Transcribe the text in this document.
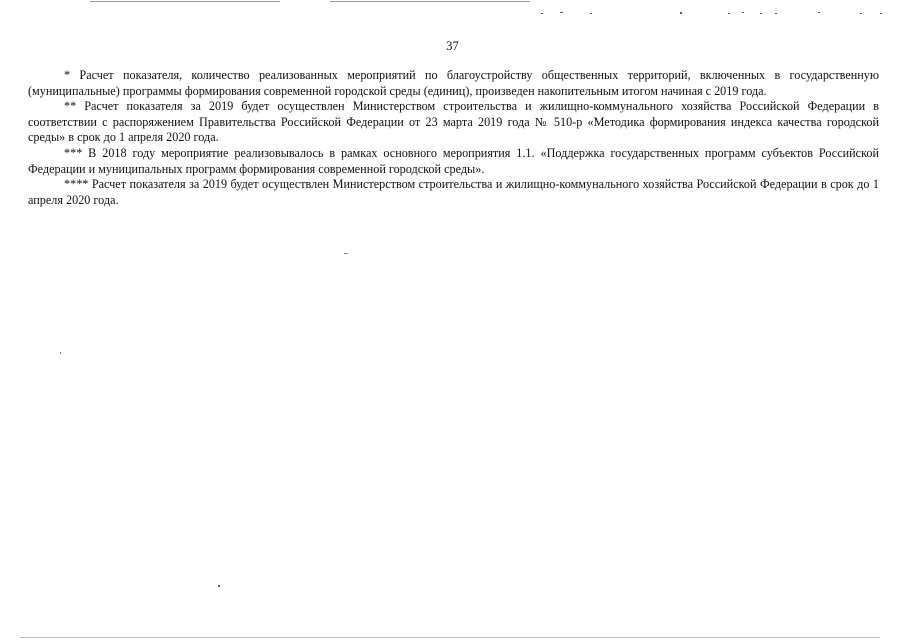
37

* Расчет показателя, количество реализованных мероприятий по благоустройству общественных территорий, включенных в государственную (муниципальные) программы формирования современной городской среды (единиц), произведен накопительным итогом начиная с 2019 года.

** Расчет показателя за 2019 будет осуществлен Министерством строительства и жилищно-коммунального хозяйства Российской Федерации в соответствии с распоряжением Правительства Российской Федерации от 23 марта 2019 года № 510-р «Методика формирования индекса качества городской среды» в срок до 1 апреля 2020 года.

*** В 2018 году мероприятие реализовывалось в рамках основного мероприятия 1.1. «Поддержка государственных программ субъектов Российской Федерации и муниципальных программ формирования современной городской среды».

**** Расчет показателя за 2019 будет осуществлен Министерством строительства и жилищно-коммунального хозяйства Российской Федерации в срок до 1 апреля 2020 года.
